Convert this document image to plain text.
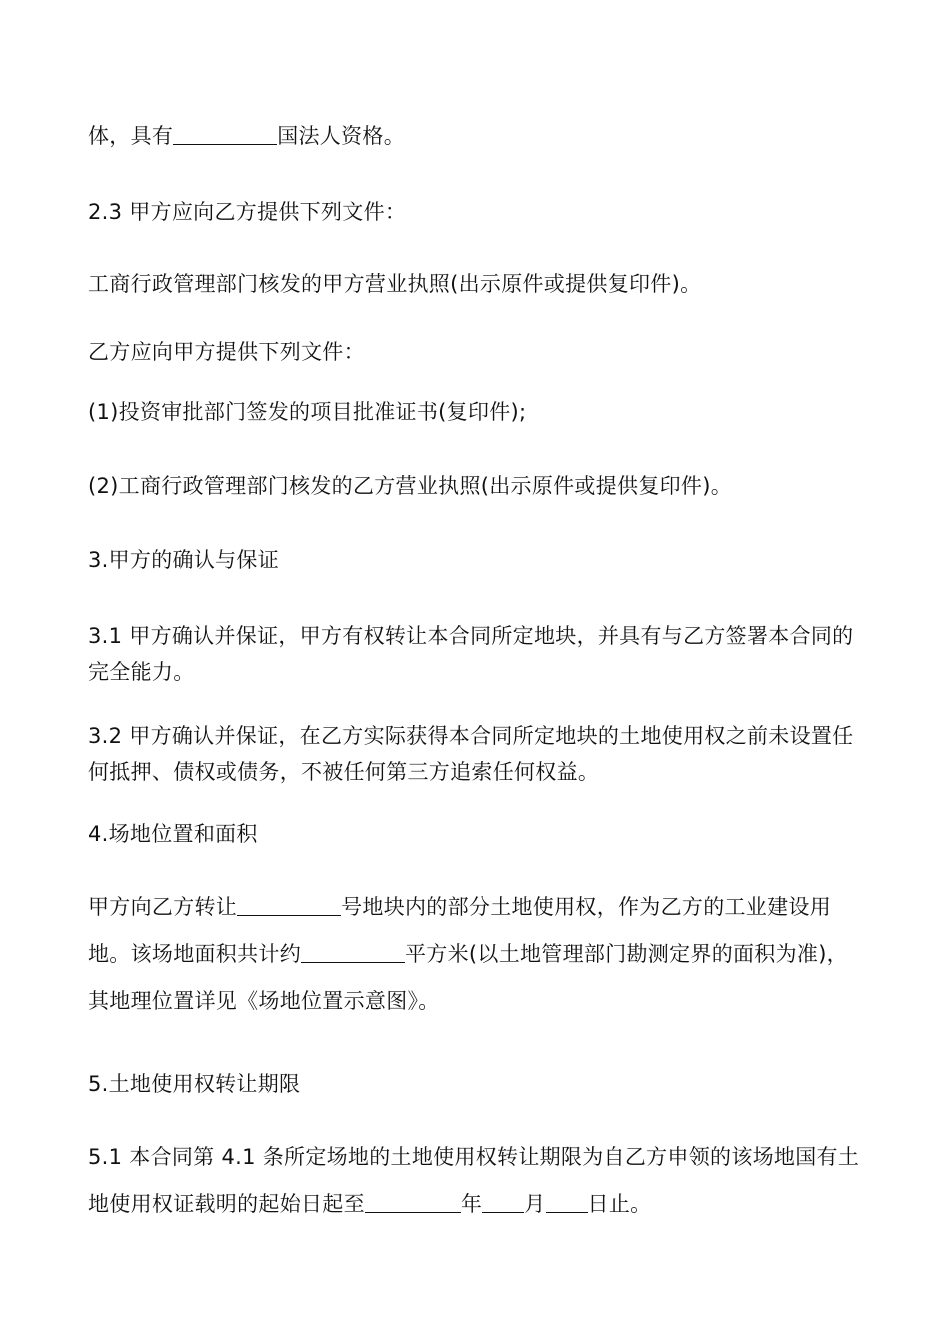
体，具有	国法人资格。
2.3 甲方应向乙方提供下列文件：
工商行政管理部门核发的甲方营业执照(出示原件或提供复印件)。
乙方应向甲方提供下列文件：
(1)投资审批部门签发的项目批准证书(复印件);
(2)工商行政管理部门核发的乙方营业执照(出示原件或提供复印件)。
3.甲方的确认与保证
3.1 甲方确认并保证，甲方有权转让本合同所定地块，并具有与乙方签署本合同的完全能力。
3.2 甲方确认并保证，在乙方实际获得本合同所定地块的土地使用权之前未设置任何抵押、债权或债务，不被任何第三方追索任何权益。
4.场地位置和面积
甲方向乙方转让	号地块内的部分土地使用权，作为乙方的工业建设用地。该场地面积共计约	平方米(以土地管理部门勘测定界的面积为准)，其地理位置详见《场地位置示意图》。
5.土地使用权转让期限
5.1 本合同第 4.1 条所定场地的土地使用权转让期限为自乙方申领的该场地国有土地使用权证载明的起始日起至	年 月 日止。
